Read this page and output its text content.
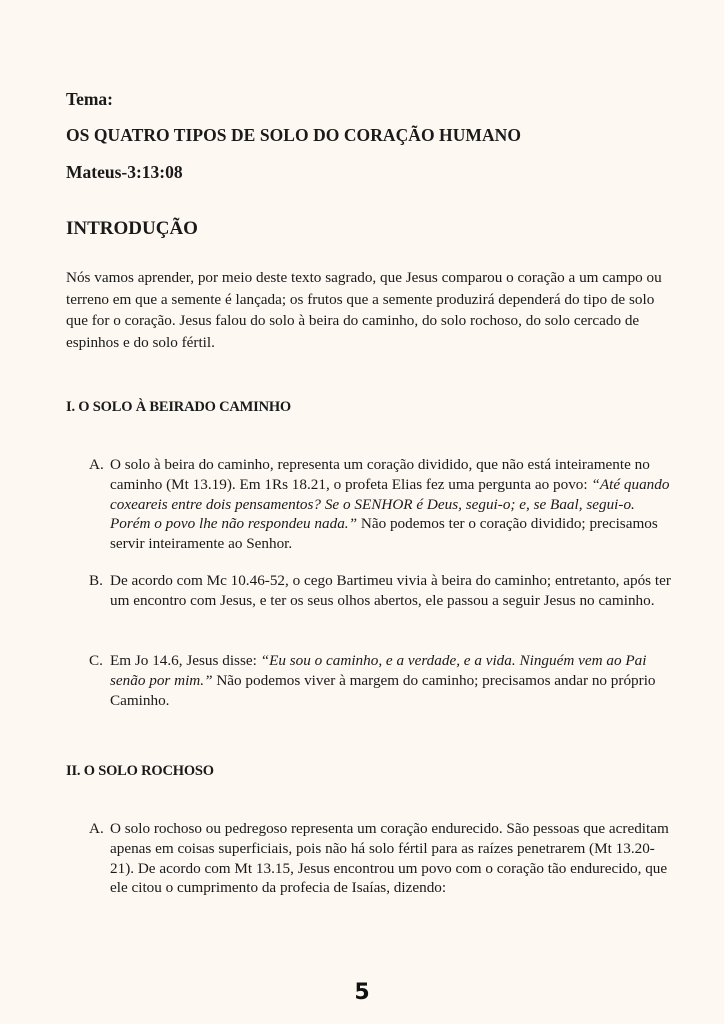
Tema:

OS QUATRO TIPOS DE SOLO DO CORAÇÃO HUMANO

Mateus-3:13:08

INTRODUÇÃO

Nós vamos aprender, por meio deste texto sagrado, que Jesus comparou o coração a um campo ou terreno em que a semente é lançada; os frutos que a semente produzirá dependerá do tipo de solo que for o coração. Jesus falou do solo à beira do caminho, do solo rochoso, do solo cercado de espinhos e do solo fértil.

I. O SOLO À BEIRADO CAMINHO

A. O solo à beira do caminho, representa um coração dividido, que não está inteiramente no caminho (Mt 13.19). Em 1Rs 18.21, o profeta Elias fez uma pergunta ao povo: “Até quando coxeareis entre dois pensamentos? Se o SENHOR é Deus, segui-o; e, se Baal, segui-o. Porém o povo lhe não respondeu nada.” Não podemos ter o coração dividido; precisamos servir inteiramente ao Senhor.
B. De acordo com Mc 10.46-52, o cego Bartimeu vivia à beira do caminho; entretanto, após ter um encontro com Jesus, e ter os seus olhos abertos, ele passou a seguir Jesus no caminho.
C. Em Jo 14.6, Jesus disse: “Eu sou o caminho, e a verdade, e a vida. Ninguém vem ao Pai senão por mim.” Não podemos viver à margem do caminho; precisamos andar no próprio Caminho.

II. O SOLO ROCHOSO

A. O solo rochoso ou pedregoso representa um coração endurecido. São pessoas que acreditam apenas em coisas superficiais, pois não há solo fértil para as raízes penetrarem (Mt 13.20-21). De acordo com Mt 13.15, Jesus encontrou um povo com o coração tão endurecido, que ele citou o cumprimento da profecia de Isaías, dizendo:

5
